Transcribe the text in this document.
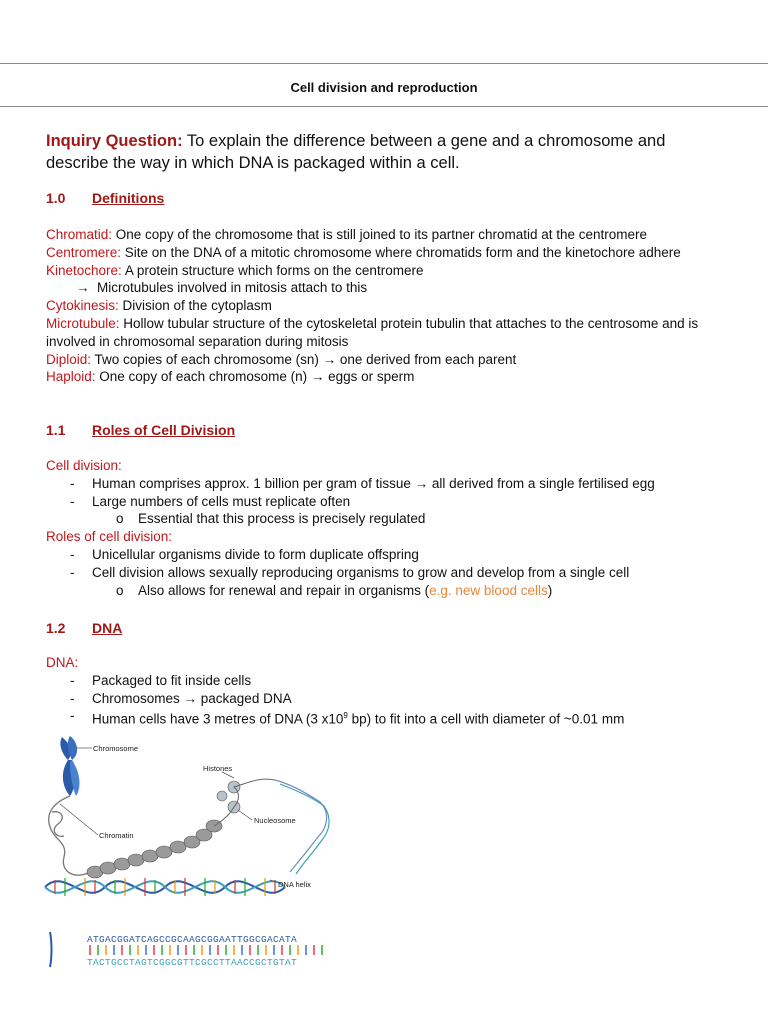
Cell division and reproduction
Inquiry Question: To explain the difference between a gene and a chromosome and describe the way in which DNA is packaged within a cell.
1.0 Definitions
Chromatid: One copy of the chromosome that is still joined to its partner chromatid at the centromere
Centromere: Site on the DNA of a mitotic chromosome where chromatids form and the kinetochore adhere
Kinetochore: A protein structure which forms on the centromere
→  Microtubules involved in mitosis attach to this
Cytokinesis: Division of the cytoplasm
Microtubule: Hollow tubular structure of the cytoskeletal protein tubulin that attaches to the centrosome and is involved in chromosomal separation during mitosis
Diploid: Two copies of each chromosome (sn) → one derived from each parent
Haploid: One copy of each chromosome (n) → eggs or sperm
1.1 Roles of Cell Division
Cell division:
- Human comprises approx. 1 billion per gram of tissue → all derived from a single fertilised egg
- Large numbers of cells must replicate often
o Essential that this process is precisely regulated
Roles of cell division:
- Unicellular organisms divide to form duplicate offspring
- Cell division allows sexually reproducing organisms to grow and develop from a single cell
o Also allows for renewal and repair in organisms (e.g. new blood cells)
1.2 DNA
DNA:
- Packaged to fit inside cells
- Chromosomes → packaged DNA
- Human cells have 3 metres of DNA (3 $x10^9$ bp) to fit into a cell with diameter of ~0.01 mm
Chromosome
Chromatin
Histones
Nucleosome
DNA helix
ATGACGGATCAGCCGCAAGCGGAATTGGCGACATA
TACTGCCTAGTCGGCGTTCGCCTTAACCGCTGTAT
